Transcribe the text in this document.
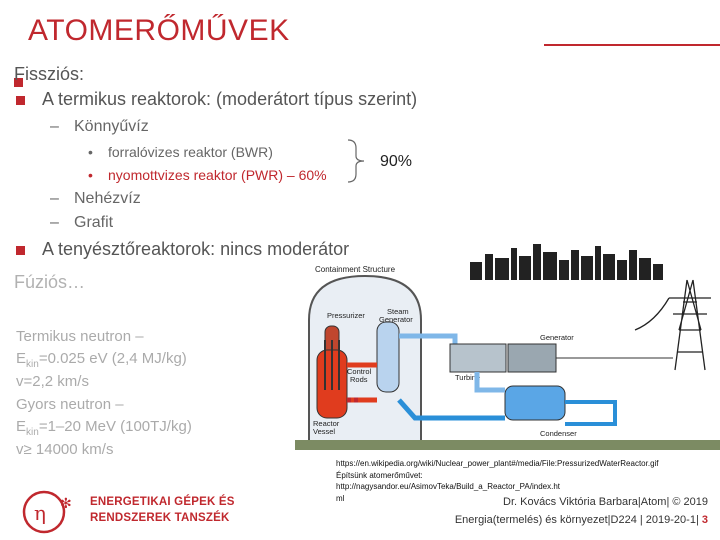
ATOMERŐMŰVEK
Fissziós:
A termikus reaktorok: (moderátort típus szerint)
– Könnyűvíz
• forralóvizes reaktor (BWR)
• nyomottvizes reaktor (PWR) – 60%
90%
– Nehézvíz
– Grafit
A tenyésztőreaktorok: nincs moderátor
Fúziós…
Termikus neutron –
$E_{kin}=0.025$ eV (2,4 MJ/kg)
v=2,2 km/s
Gyors neutron –
$E_{kin}=1-20$ MeV (100TJ/kg)
v≥ 14000 km/s
Containment Structure
Pressurizer	Steam
Generator
Control
Rods
Reactor
Vessel
Turbine
Generator
Condenser
https://en.wikipedia.org/wiki/Nuclear_power_plant#/media/File:PressurizedWaterReactor.gif
Építsünk atomerőművet:
http://nagysandor.eu/AsimovTeka/Build_a_Reactor_PA/index.ht
ml	Dr. Kovács Viktória Barbara|Atom| © 2019
Energia(termelés) és környezet|D224 | 2019-20-1| 3
η ✻ ENERGETIKAI GÉPEK ÉS
RENDSZEREK TANSZÉK
